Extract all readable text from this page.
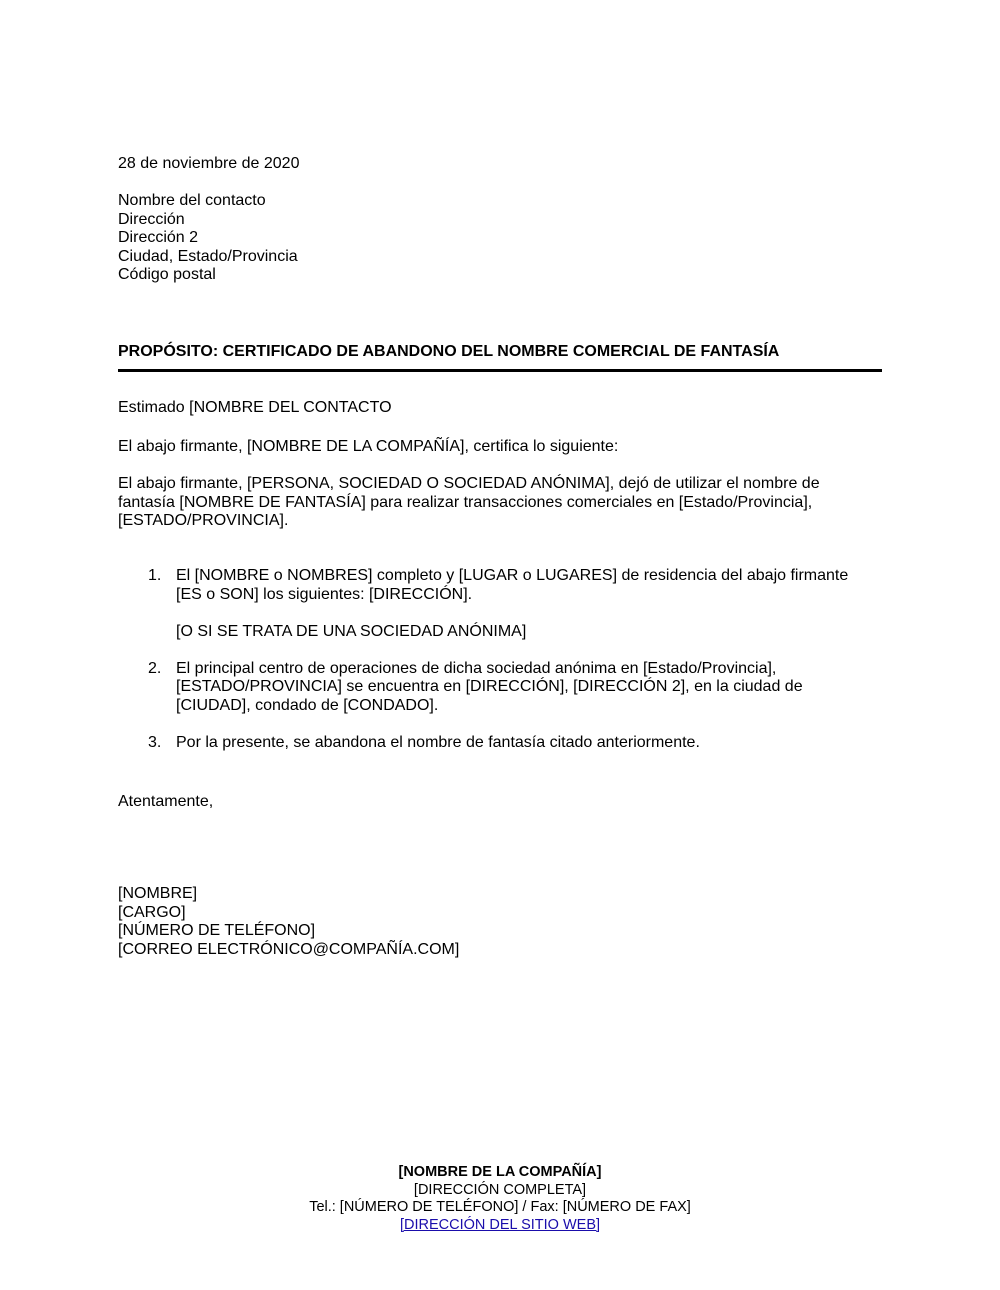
28 de noviembre de 2020
Nombre del contacto
Dirección
Dirección 2
Ciudad, Estado/Provincia
Código postal
PROPÓSITO: CERTIFICADO DE ABANDONO DEL NOMBRE COMERCIAL DE FANTASÍA
Estimado [NOMBRE DEL CONTACTO
El abajo firmante, [NOMBRE DE LA COMPAÑÍA], certifica lo siguiente:
El abajo firmante, [PERSONA, SOCIEDAD O SOCIEDAD ANÓNIMA], dejó de utilizar el nombre de
fantasía [NOMBRE DE FANTASÍA] para realizar transacciones comerciales en [Estado/Provincia],
[ESTADO/PROVINCIA].
1. El [NOMBRE o NOMBRES] completo y [LUGAR o LUGARES] de residencia del abajo firmante
[ES o SON] los siguientes: [DIRECCIÓN].
[O SI SE TRATA DE UNA SOCIEDAD ANÓNIMA]
2. El principal centro de operaciones de dicha sociedad anónima en [Estado/Provincia],
[ESTADO/PROVINCIA] se encuentra en [DIRECCIÓN], [DIRECCIÓN 2], en la ciudad de
[CIUDAD], condado de [CONDADO].
3. Por la presente, se abandona el nombre de fantasía citado anteriormente.
Atentamente,
[NOMBRE]
[CARGO]
[NÚMERO DE TELÉFONO]
[CORREO ELECTRÓNICO@COMPAÑÍA.COM]
[NOMBRE DE LA COMPAÑÍA]
[DIRECCIÓN COMPLETA]
Tel.: [NÚMERO DE TELÉFONO] / Fax: [NÚMERO DE FAX]
[DIRECCIÓN DEL SITIO WEB]
